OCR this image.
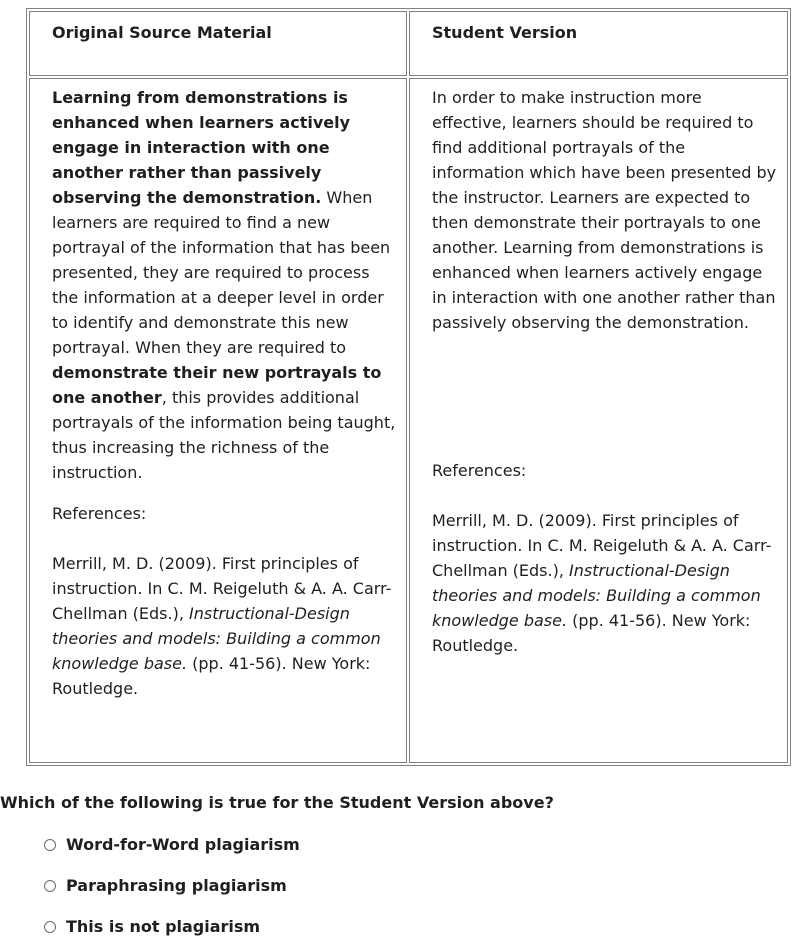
Original Source Material	Student Version

Learning from demonstrations is enhanced when learners actively engage in interaction with one another rather than passively observing the demonstration. When learners are required to find a new portrayal of the information that has been presented, they are required to process the information at a deeper level in order to identify and demonstrate this new portrayal. When they are required to demonstrate their new portrayals to one another, this provides additional portrayals of the information being taught, thus increasing the richness of the instruction.

References:

Merrill, M. D. (2009). First principles of instruction. In C. M. Reigeluth & A. A. Carr-Chellman (Eds.), Instructional-Design theories and models: Building a common knowledge base. (pp. 41-56). New York: Routledge.

In order to make instruction more effective, learners should be required to find additional portrayals of the information which have been presented by the instructor. Learners are expected to then demonstrate their portrayals to one another. Learning from demonstrations is enhanced when learners actively engage in interaction with one another rather than passively observing the demonstration.

References:

Merrill, M. D. (2009). First principles of instruction. In C. M. Reigeluth & A. A. Carr-Chellman (Eds.), Instructional-Design theories and models: Building a common knowledge base. (pp. 41-56). New York: Routledge.

Which of the following is true for the Student Version above?

Word-for-Word plagiarism
Paraphrasing plagiarism
This is not plagiarism
